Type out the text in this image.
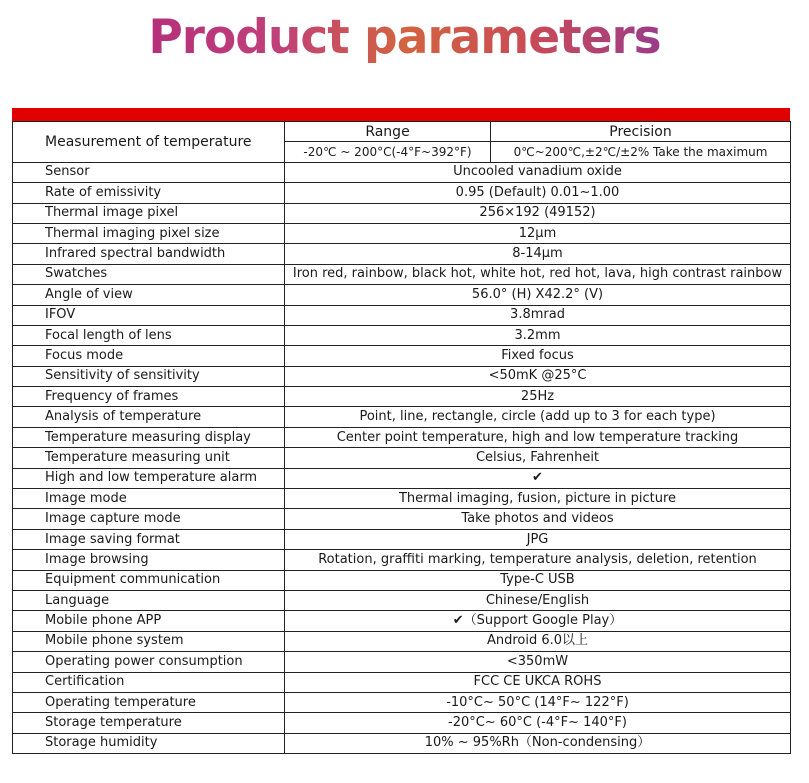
Product parameters
Measurement of temperature	Range	Precision
	-20℃ ~ 200°C(-4°F~392°F)	0℃~200℃,±2℃/±2% Take the maximum
Sensor	Uncooled vanadium oxide	
Rate of emissivity	0.95 (Default) 0.01~1.00	
Thermal image pixel	256×192 (49152)	
Thermal imaging pixel size	12μm	
Infrared spectral bandwidth	8-14μm	
Swatches	Iron red, rainbow, black hot, white hot, red hot, lava, high contrast rainbow	
Angle of view	56.0° (H) X42.2° (V)	
IFOV	3.8mrad	
Focal length of lens	3.2mm	
Focus mode	Fixed focus	
Sensitivity of sensitivity	<50mK @25°C	
Frequency of frames	25Hz	
Analysis of temperature	Point, line, rectangle, circle (add up to 3 for each type)	
Temperature measuring display	Center point temperature, high and low temperature tracking	
Temperature measuring unit	Celsius, Fahrenheit	
High and low temperature alarm	✔	
Image mode	Thermal imaging, fusion, picture in picture	
Image capture mode	Take photos and videos	
Image saving format	JPG	
Image browsing	Rotation, graffiti marking, temperature analysis, deletion, retention	
Equipment communication	Type-C USB	
Language	Chinese/English	
Mobile phone APP	✔（Support Google Play）	
Mobile phone system	Android 6.0以上	
Operating power consumption	<350mW	
Certification	FCC CE UKCA ROHS	
Operating temperature	-10°C~ 50°C (14°F~ 122°F)	
Storage temperature	-20°C~ 60°C (-4°F~ 140°F)	
Storage humidity	10% ~ 95%Rh（Non-condensing）	
